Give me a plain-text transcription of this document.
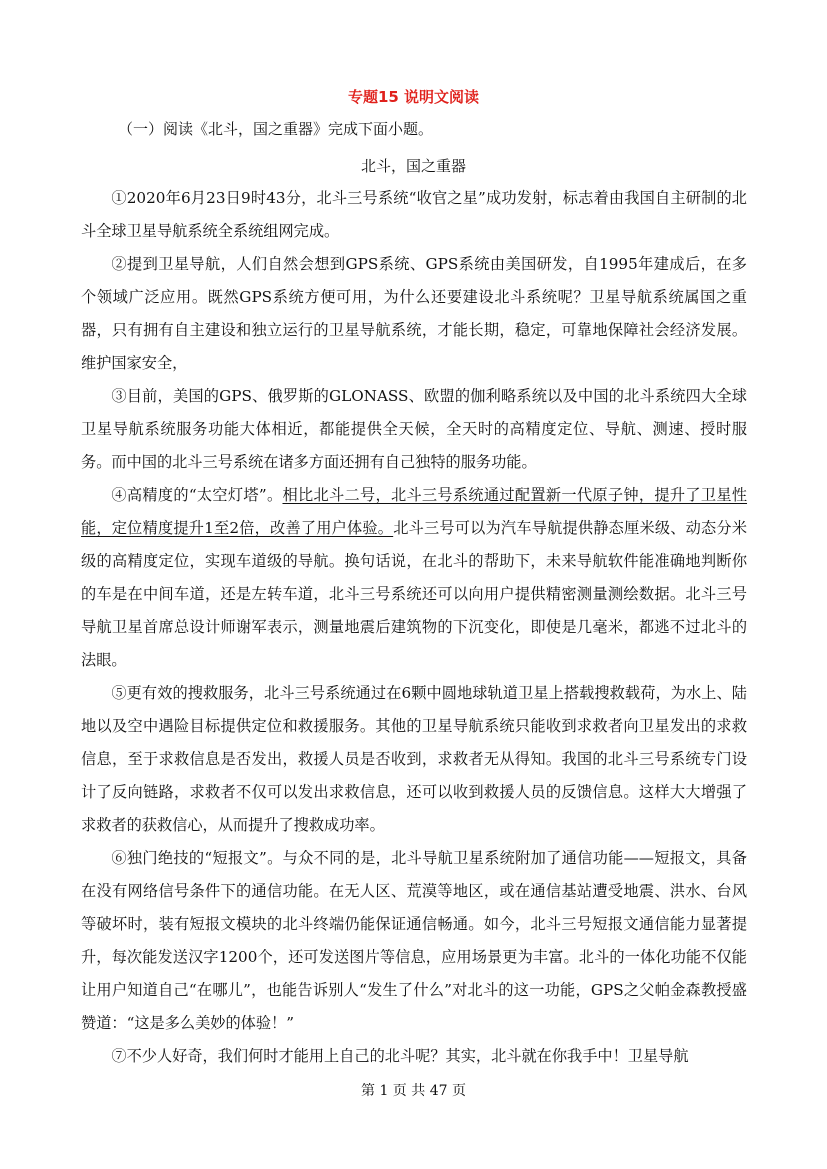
专题15 说明文阅读
（一）阅读《北斗，国之重器》完成下面小题。
北斗，国之重器

①2020年6月23日9时43分，北斗三号系统“收官之星”成功发射，标志着由我国自主研制的北斗全球卫星导航系统全系统组网完成。

②提到卫星导航，人们自然会想到GPS系统、GPS系统由美国研发，自1995年建成后，在多个领域广泛应用。既然GPS系统方便可用，为什么还要建设北斗系统呢？卫星导航系统属国之重器，只有拥有自主建设和独立运行的卫星导航系统，才能长期，稳定，可靠地保障社会经济发展。维护国家安全，

③目前，美国的GPS、俄罗斯的GLONASS、欧盟的伽利略系统以及中国的北斗系统四大全球卫星导航系统服务功能大体相近，都能提供全天候，全天时的高精度定位、导航、测速、授时服务。而中国的北斗三号系统在诸多方面还拥有自己独特的服务功能。

④高精度的“太空灯塔”。相比北斗二号，北斗三号系统通过配置新一代原子钟，提升了卫星性能，定位精度提升1至2倍，改善了用户体验。北斗三号可以为汽车导航提供静态厘米级、动态分米级的高精度定位，实现车道级的导航。换句话说，在北斗的帮助下，未来导航软件能准确地判断你的车是在中间车道，还是左转车道，北斗三号系统还可以向用户提供精密测量测绘数据。北斗三号导航卫星首席总设计师谢军表示，测量地震后建筑物的下沉变化，即使是几毫米，都逃不过北斗的法眼。

⑤更有效的搜救服务，北斗三号系统通过在6颗中圆地球轨道卫星上搭载搜救载荷，为水上、陆地以及空中遇险目标提供定位和救援服务。其他的卫星导航系统只能收到求救者向卫星发出的求救信息，至于求救信息是否发出，救援人员是否收到，求救者无从得知。我国的北斗三号系统专门设计了反向链路，求救者不仅可以发出求救信息，还可以收到救援人员的反馈信息。这样大大增强了求救者的获救信心，从而提升了搜救成功率。

⑥独门绝技的“短报文”。与众不同的是，北斗导航卫星系统附加了通信功能——短报文，具备在没有网络信号条件下的通信功能。在无人区、荒漠等地区，或在通信基站遭受地震、洪水、台风等破坏时，装有短报文模块的北斗终端仍能保证通信畅通。如今，北斗三号短报文通信能力显著提升，每次能发送汉字1200个，还可发送图片等信息，应用场景更为丰富。北斗的一体化功能不仅能让用户知道自己“在哪儿”，也能告诉别人“发生了什么”对北斗的这一功能，GPS之父帕金森教授盛赞道：“这是多么美妙的体验！”

⑦不少人好奇，我们何时才能用上自己的北斗呢？其实，北斗就在你我手中！卫星导航

第 1 页 共 47 页
